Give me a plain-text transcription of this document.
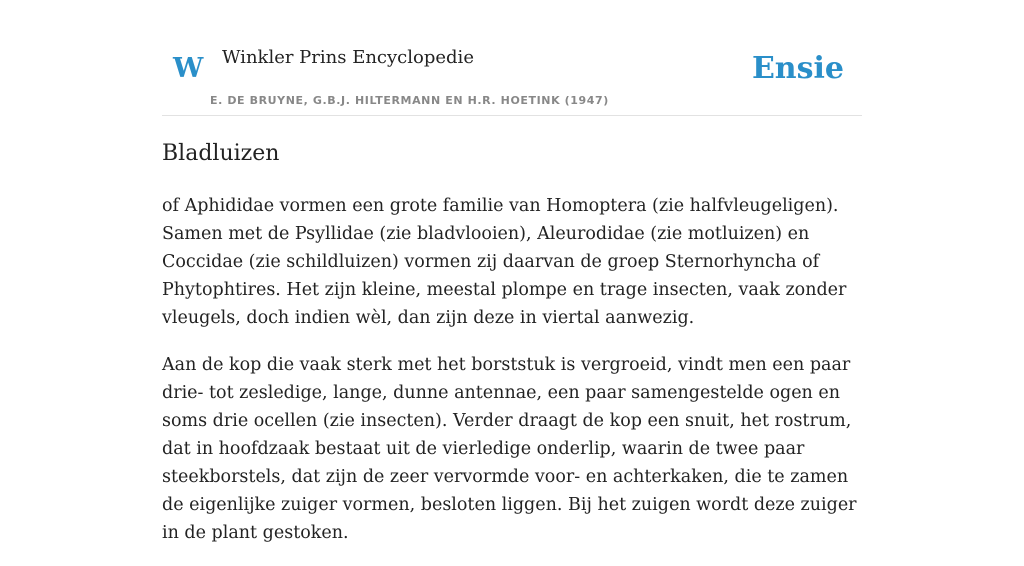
W Winkler Prins Encyclopedie
E. DE BRUYNE, G.B.J. HILTERMANN EN H.R. HOETINK (1947)
Ensie
Bladluizen

of Aphididae vormen een grote familie van Homoptera (zie halfvleugeligen). Samen met de Psyllidae (zie bladvlooien), Aleurodidae (zie motluizen) en Coccidae (zie schildluizen) vormen zij daarvan de groep Sternorhyncha of Phytophtires. Het zijn kleine, meestal plompe en trage insecten, vaak zonder vleugels, doch indien wèl, dan zijn deze in viertal aanwezig.

Aan de kop die vaak sterk met het borststuk is vergroeid, vindt men een paar drie- tot zesledige, lange, dunne antennae, een paar samengestelde ogen en soms drie ocellen (zie insecten). Verder draagt de kop een snuit, het rostrum, dat in hoofdzaak bestaat uit de vierledige onderlip, waarin de twee paar steekborstels, dat zijn de zeer vervormde voor- en achterkaken, die te zamen de eigenlijke zuiger vormen, besloten liggen. Bij het zuigen wordt deze zuiger in de plant gestoken.
